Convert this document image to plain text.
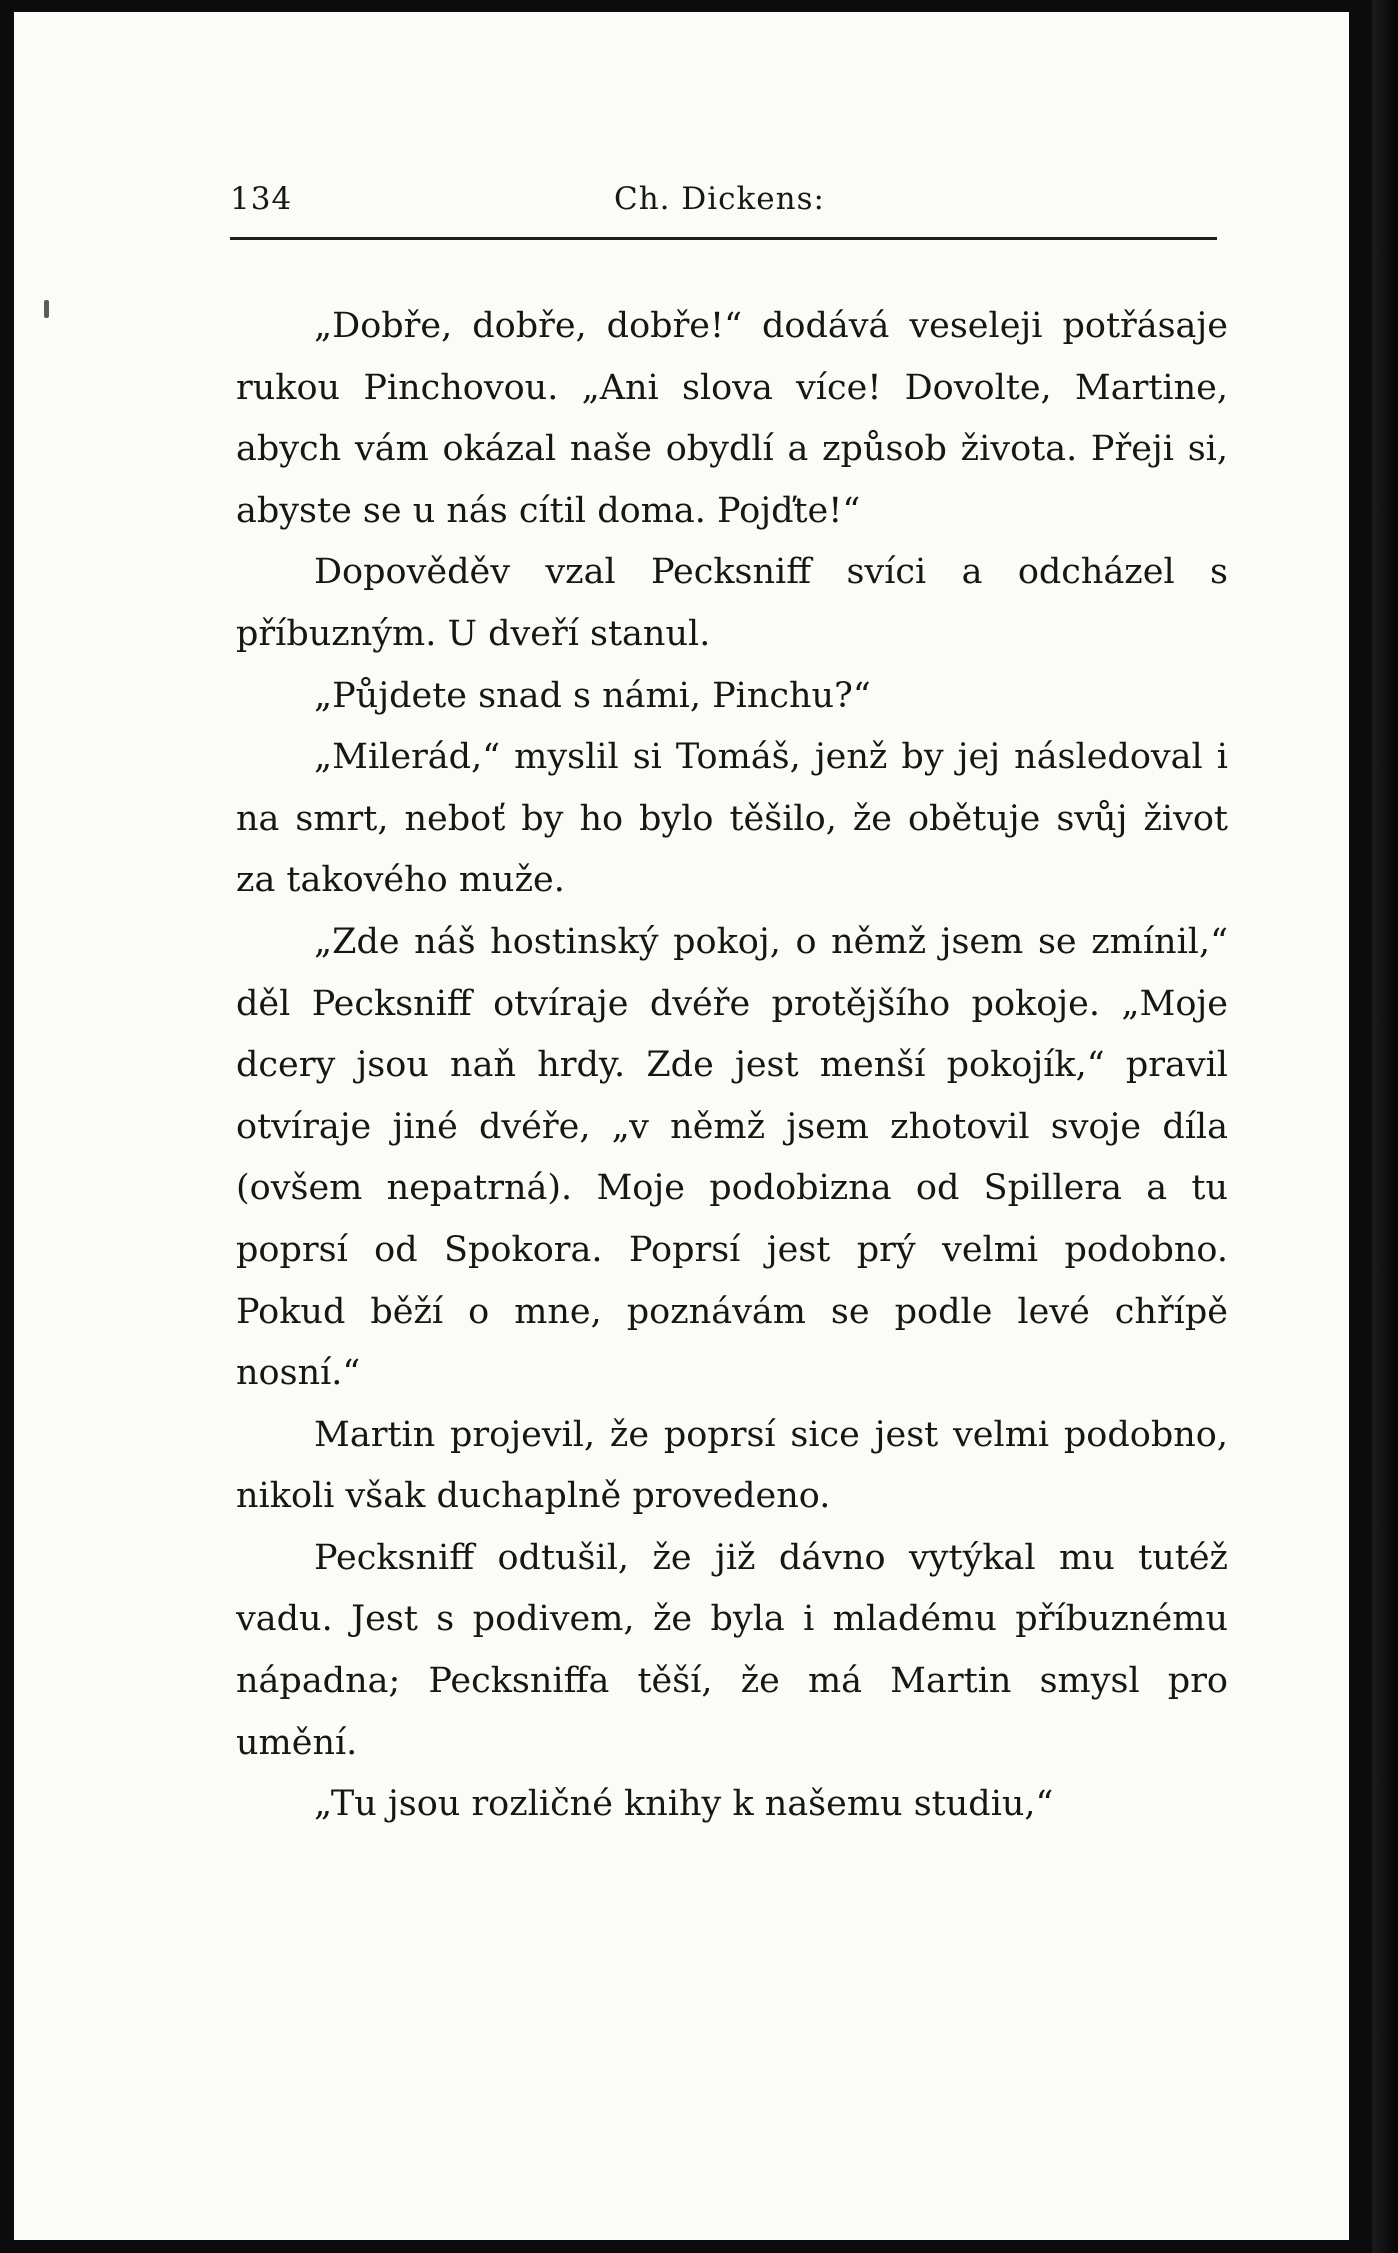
134	Ch. Dickens:

„Dobře, dobře, dobře!“ dodává veseleji potřásaje rukou Pinchovou. „Ani slova více! Dovolte, Martine, abych vám okázal naše obydlí a způsob života. Přeji si, abyste se u nás cítil doma. Pojďte!“

Dopověděv vzal Pecksniff svíci a odcházel s příbuzným. U dveří stanul.

„Půjdete snad s námi, Pinchu?“

„Milerád,“ myslil si Tomáš, jenž by jej následoval i na smrt, neboť by ho bylo těšilo, že obětuje svůj život za takového muže.

„Zde náš hostinský pokoj, o němž jsem se zmínil,“ děl Pecksniff otvíraje dvéře protějšího pokoje. „Moje dcery jsou naň hrdy. Zde jest menší pokojík,“ pravil otvíraje jiné dvéře, „v němž jsem zhotovil svoje díla (ovšem nepatrná). Moje podobizna od Spillera a tu poprsí od Spokora. Poprsí jest prý velmi podobno. Pokud běží o mne, poznávám se podle levé chřípě nosní.“

Martin projevil, že poprsí sice jest velmi podobno, nikoli však duchaplně provedeno.

Pecksniff odtušil, že již dávno vytýkal mu tutéž vadu. Jest s podivem, že byla i mladému příbuznému nápadna; Pecksniffa těší, že má Martin smysl pro umění.

„Tu jsou rozličné knihy k našemu studiu,“
